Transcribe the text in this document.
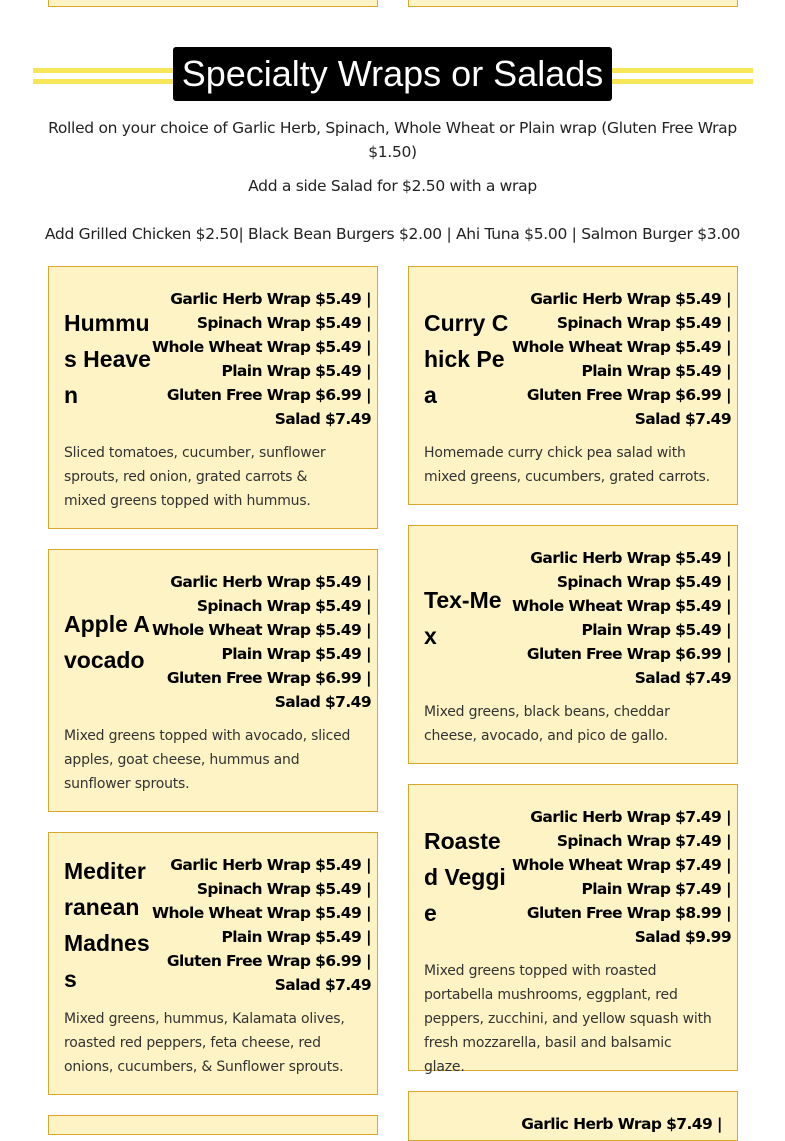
Specialty Wraps or Salads
Rolled on your choice of Garlic Herb, Spinach, Whole Wheat or Plain wrap (Gluten Free Wrap $1.50)
Add a side Salad for $2.50 with a wrap
Add Grilled Chicken $2.50| Black Bean Burgers $2.00 | Ahi Tuna $5.00 | Salmon Burger $3.00
Hummus Heaven
Garlic Herb Wrap $5.49 |
Spinach Wrap $5.49 |
Whole Wheat Wrap $5.49 |
Plain Wrap $5.49 |
Gluten Free Wrap $6.99 |
Salad $7.49
Sliced tomatoes, cucumber, sunflower sprouts, red onion, grated carrots & mixed greens topped with hummus.
Curry Chick Pea
Garlic Herb Wrap $5.49 |
Spinach Wrap $5.49 |
Whole Wheat Wrap $5.49 |
Plain Wrap $5.49 |
Gluten Free Wrap $6.99 |
Salad $7.49
Homemade curry chick pea salad with mixed greens, cucumbers, grated carrots.
Apple Avocado
Garlic Herb Wrap $5.49 |
Spinach Wrap $5.49 |
Whole Wheat Wrap $5.49 |
Plain Wrap $5.49 |
Gluten Free Wrap $6.99 |
Salad $7.49
Mixed greens topped with avocado, sliced apples, goat cheese, hummus and sunflower sprouts.
Tex-Mex
Garlic Herb Wrap $5.49 |
Spinach Wrap $5.49 |
Whole Wheat Wrap $5.49 |
Plain Wrap $5.49 |
Gluten Free Wrap $6.99 |
Salad $7.49
Mixed greens, black beans, cheddar cheese, avocado, and pico de gallo.
Mediterranean Madness
Garlic Herb Wrap $5.49 |
Spinach Wrap $5.49 |
Whole Wheat Wrap $5.49 |
Plain Wrap $5.49 |
Gluten Free Wrap $6.99 |
Salad $7.49
Mixed greens, hummus, Kalamata olives, roasted red peppers, feta cheese, red onions, cucumbers, & Sunflower sprouts.
Roasted Veggie
Garlic Herb Wrap $7.49 |
Spinach Wrap $7.49 |
Whole Wheat Wrap $7.49 |
Plain Wrap $7.49 |
Gluten Free Wrap $8.99 |
Salad $9.99
Mixed greens topped with roasted portabella mushrooms, eggplant, red peppers, zucchini, and yellow squash with fresh mozzarella, basil and balsamic glaze.
Garlic Herb Wrap $7.49 |
